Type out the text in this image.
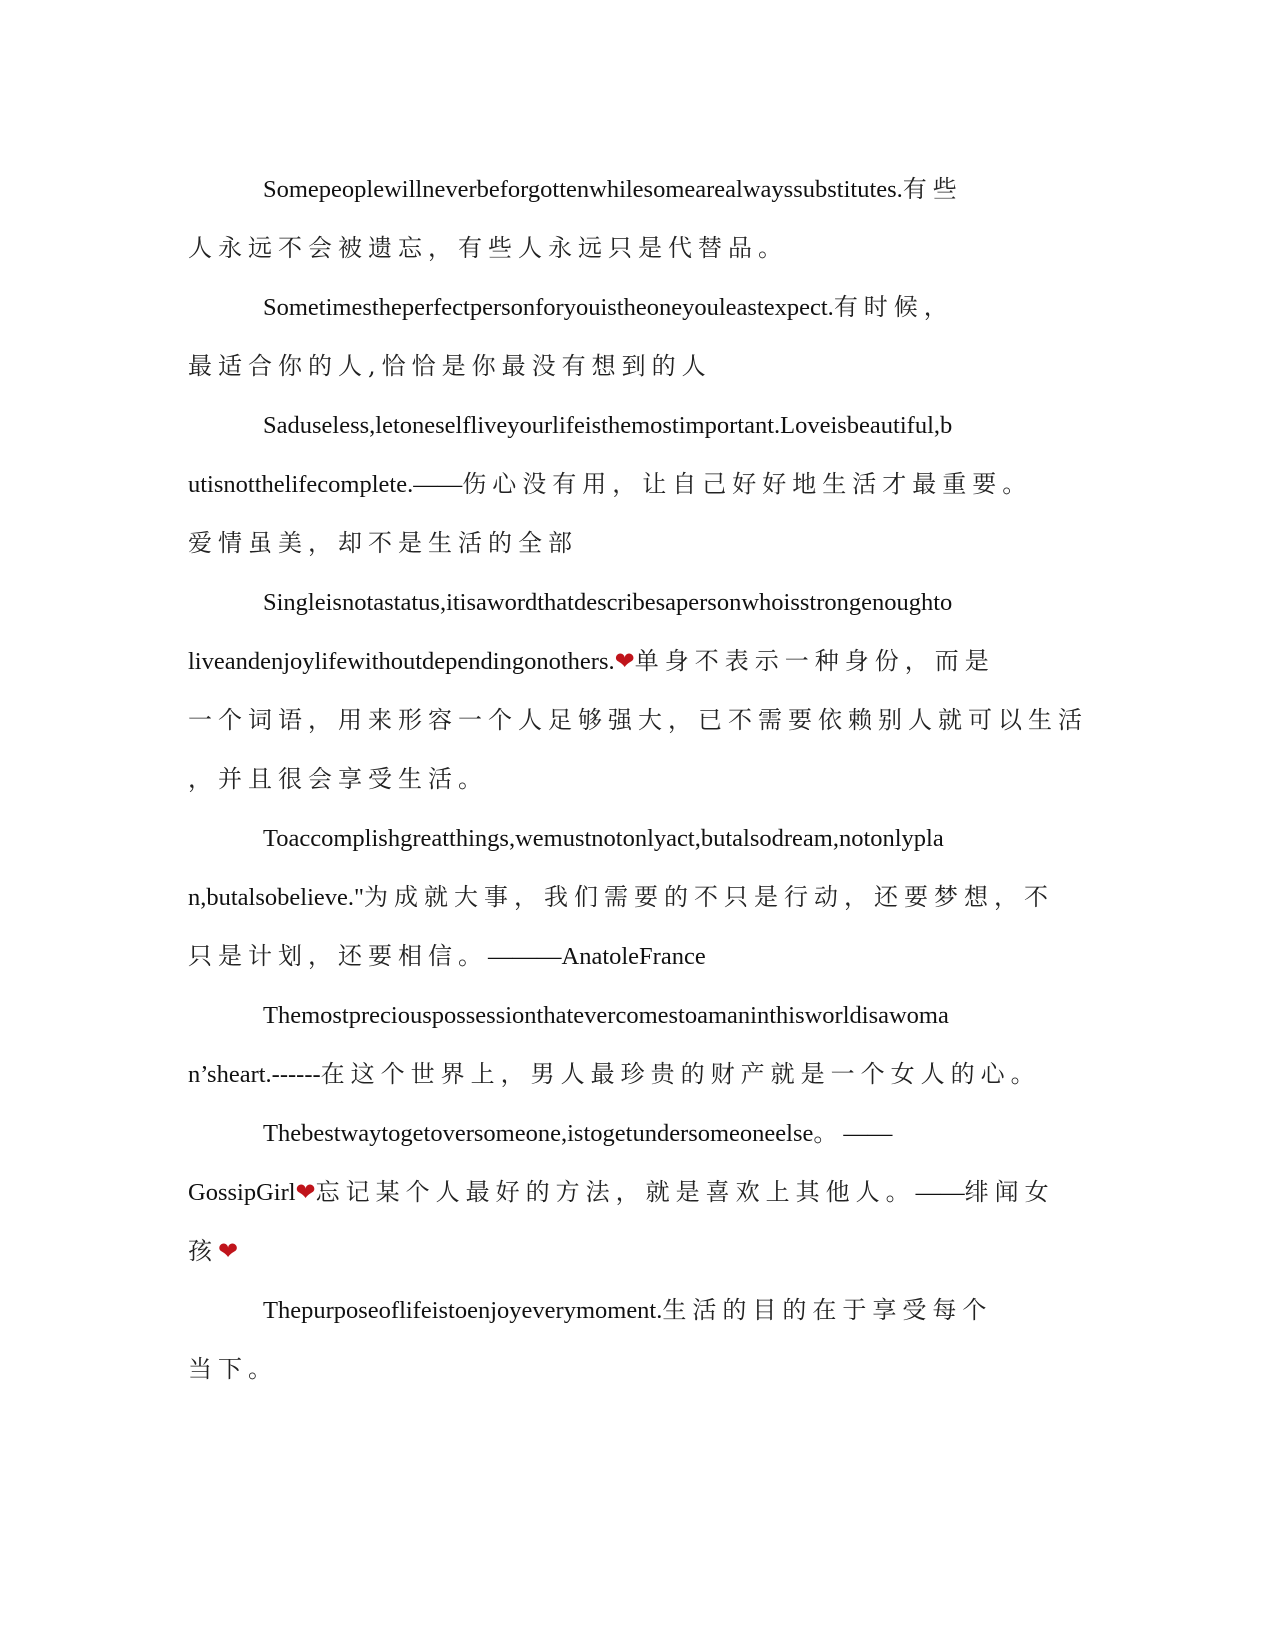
Somepeoplewillneverbeforgottenwhilesomearealwayssubstitutes.有些
人永远不会被遗忘，有些人永远只是代替品。
Sometimestheperfectpersonforyouistheoneyouleastexpect.有时候，
最适合你的人,恰恰是你最没有想到的人
Saduseless,letoneselfliveyourlifeisthemostimportant.Loveisbeautiful,b
utisnotthelifecomplete.——伤心没有用，让自己好好地生活才最重要。
爱情虽美，却不是生活的全部
Singleisnotastatus,itisawordthatdescribesapersonwhoisstrongenoughto
liveandenjoylifewithoutdependingonothers.❤单身不表示一种身份，而是
一个词语，用来形容一个人足够强大，已不需要依赖别人就可以生活
，并且很会享受生活。
Toaccomplishgreatthings,wemustnotonlyact,butalsodream,notonlypla
n,butalsobelieve."为成就大事，我们需要的不只是行动，还要梦想，不
只是计划，还要相信。———AnatoleFrance
Themostpreciouspossessionthatevercomestoamaninthisworldisawoma
n’sheart.------在这个世界上，男人最珍贵的财产就是一个女人的心。
Thebestwaytogetoversomeone,istogetundersomeoneelse。——
GossipGirl❤忘记某个人最好的方法，就是喜欢上其他人。——绯闻女
孩❤
Thepurposeoflifeistoenjoyeverymoment.生活的目的在于享受每个
当下。
